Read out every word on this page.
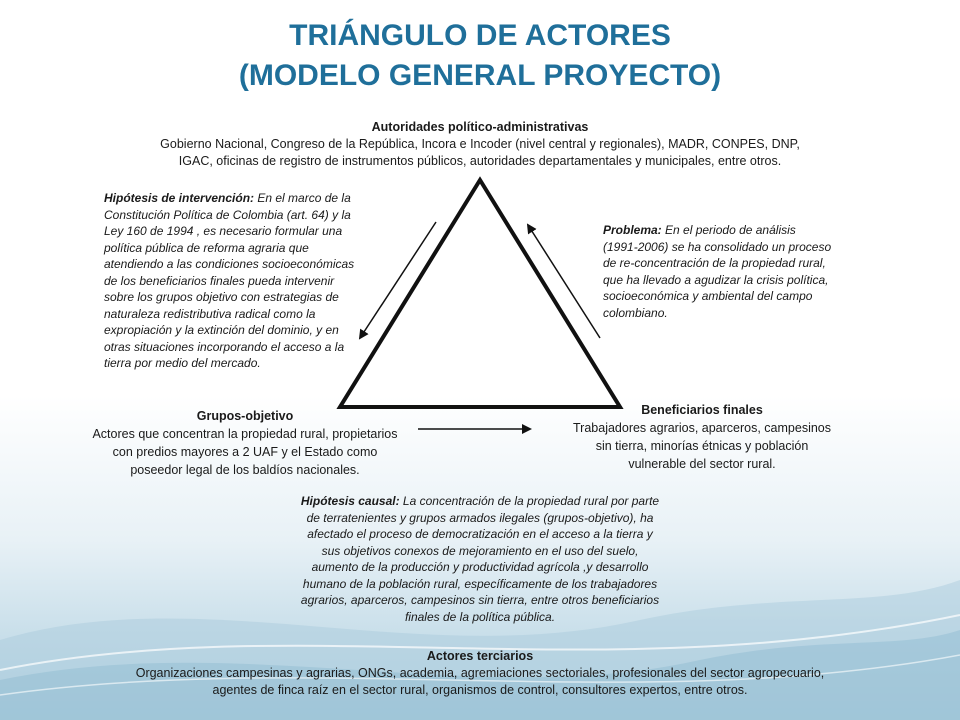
TRIÁNGULO DE ACTORES
(MODELO GENERAL PROYECTO)
Autoridades político-administrativas
Gobierno Nacional, Congreso de la República, Incora e Incoder (nivel central y regionales), MADR, CONPES, DNP,
IGAC, oficinas de registro de instrumentos públicos, autoridades departamentales y municipales, entre otros.
Hipótesis de intervención: En el marco de la
Constitución Política de Colombia (art. 64) y la
Ley 160 de 1994 , es necesario formular una
política pública de reforma agraria que
atendiendo a las condiciones socioeconómicas
de los beneficiarios finales pueda intervenir
sobre los grupos objetivo con estrategias de
naturaleza redistributiva radical como la
expropiación y la extinción del dominio, y en
otras situaciones incorporando el acceso a la
tierra por medio del mercado.
Problema: En el periodo de análisis
(1991-2006) se ha consolidado un proceso
de re-concentración de la propiedad rural,
que ha llevado a agudizar la crisis política,
socioeconómica y ambiental del campo
colombiano.
Grupos-objetivo
Actores que concentran la propiedad rural, propietarios
con predios mayores a 2 UAF y el Estado como
poseedor legal de los baldíos nacionales.
Beneficiarios finales
Trabajadores agrarios, aparceros, campesinos
sin tierra, minorías étnicas y población
vulnerable del sector rural.
Hipótesis causal: La concentración de la propiedad rural por parte
de terratenientes y grupos armados ilegales (grupos-objetivo), ha
afectado el proceso de democratización en el acceso a la tierra y
sus objetivos conexos de mejoramiento en el uso del suelo,
aumento de la producción y productividad agrícola ,y desarrollo
humano de la población rural, específicamente de los trabajadores
agrarios, aparceros, campesinos sin tierra, entre otros beneficiarios
finales de la política pública.
Actores terciarios
Organizaciones campesinas y agrarias, ONGs, academia, agremiaciones sectoriales, profesionales del sector agropecuario,
agentes de finca raíz en el sector rural, organismos de control, consultores expertos, entre otros.
